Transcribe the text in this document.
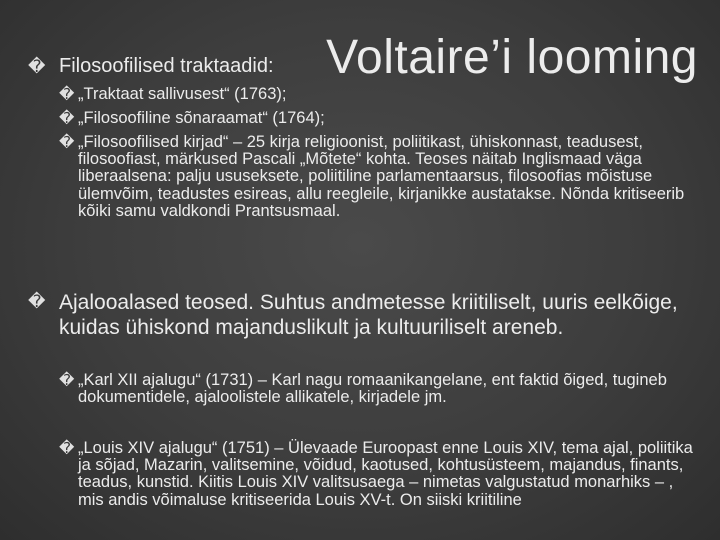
Voltaire’i looming
� Filosoofilised traktaadid:
� „Traktaat sallivusest“ (1763);
� „Filosoofiline sõnaraamat“ (1764);
� „Filosoofilised kirjad“ – 25 kirja religioonist, poliitikast, ühiskonnast, teadusest, filosoofiast, märkused Pascali „Mõtete“ kohta. Teoses näitab Inglismaad väga liberaalsena: palju ususeksete, poliitiline parlamentaarsus, filosoofias mõistuse ülemvõim, teadustes esireas, allu reegleile, kirjanikke austatakse. Nõnda kritiseerib kõiki samu valdkondi Prantsusmaal.
� Ajalooalased teosed. Suhtus andmetesse kriitiliselt, uuris eelkõige, kuidas ühiskond majanduslikult ja kultuuriliselt areneb.
� „Karl XII ajalugu“ (1731) – Karl nagu romaanikangelane, ent faktid õiged, tugineb dokumentidele, ajaloolistele allikatele, kirjadele jm.
� „Louis XIV ajalugu“ (1751) – Ülevaade Euroopast enne Louis XIV, tema ajal, poliitika ja sõjad, Mazarin, valitsemine, võidud, kaotused, kohtusüsteem, majandus, finants, teadus, kunstid. Kiitis Louis XIV valitsusaega – nimetas valgustatud monarhiks – , mis andis võimaluse kritiseerida Louis XV-t. On siiski kriitiline
